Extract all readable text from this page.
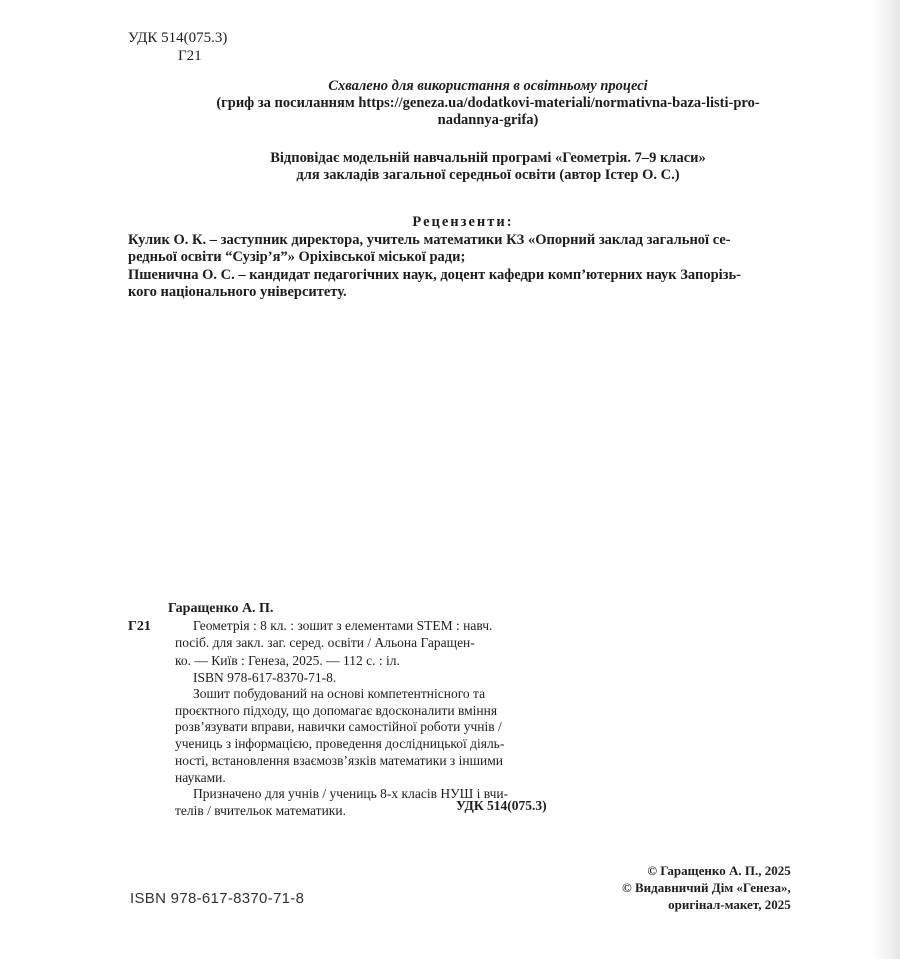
УДК 514(075.3)
Г21
Схвалено для використання в освітньому процесі
(гриф за посиланням https://geneza.ua/dodatkovi-materiali/normativna-baza-listi-pro-
nadannya-grifa)
Відповідає модельній навчальній програмі «Геометрія. 7–9 класи»
для закладів загальної середньої освіти (автор Істер О. С.)
Рецензенти:
Кулик О. К. – заступник директора, учитель математики КЗ «Опорний заклад загальної се-
редньої освіти “Сузір’я”» Оріхівської міської ради;
Пшенична О. С. – кандидат педагогічних наук, доцент кафедри комп’ютерних наук Запорізь-
кого національного університету.
Гаращенко А. П.
Г21	Геометрія : 8 кл. : зошит з елементами STEM : навч.
посіб. для закл. заг. серед. освіти / Альона Гаращен-
ко. — Київ : Генеза, 2025. — 112 с. : іл.
ISBN 978-617-8370-71-8.
Зошит побудований на основі компетентнісного та
проєктного підходу, що допомагає вдосконалити вміння
розв’язувати вправи, навички самостійної роботи учнів /
учениць з інформацією, проведення дослідницької діяль-
ності, встановлення взаємозв’язків математики з іншими
науками.
Призначено для учнів / учениць 8-х класів НУШ і вчи-
телів / вчительок математики.	УДК 514(075.3)
ISBN 978-617-8370-71-8
© Гаращенко А. П., 2025
© Видавничий Дім «Генеза»,
оригінал-макет, 2025
